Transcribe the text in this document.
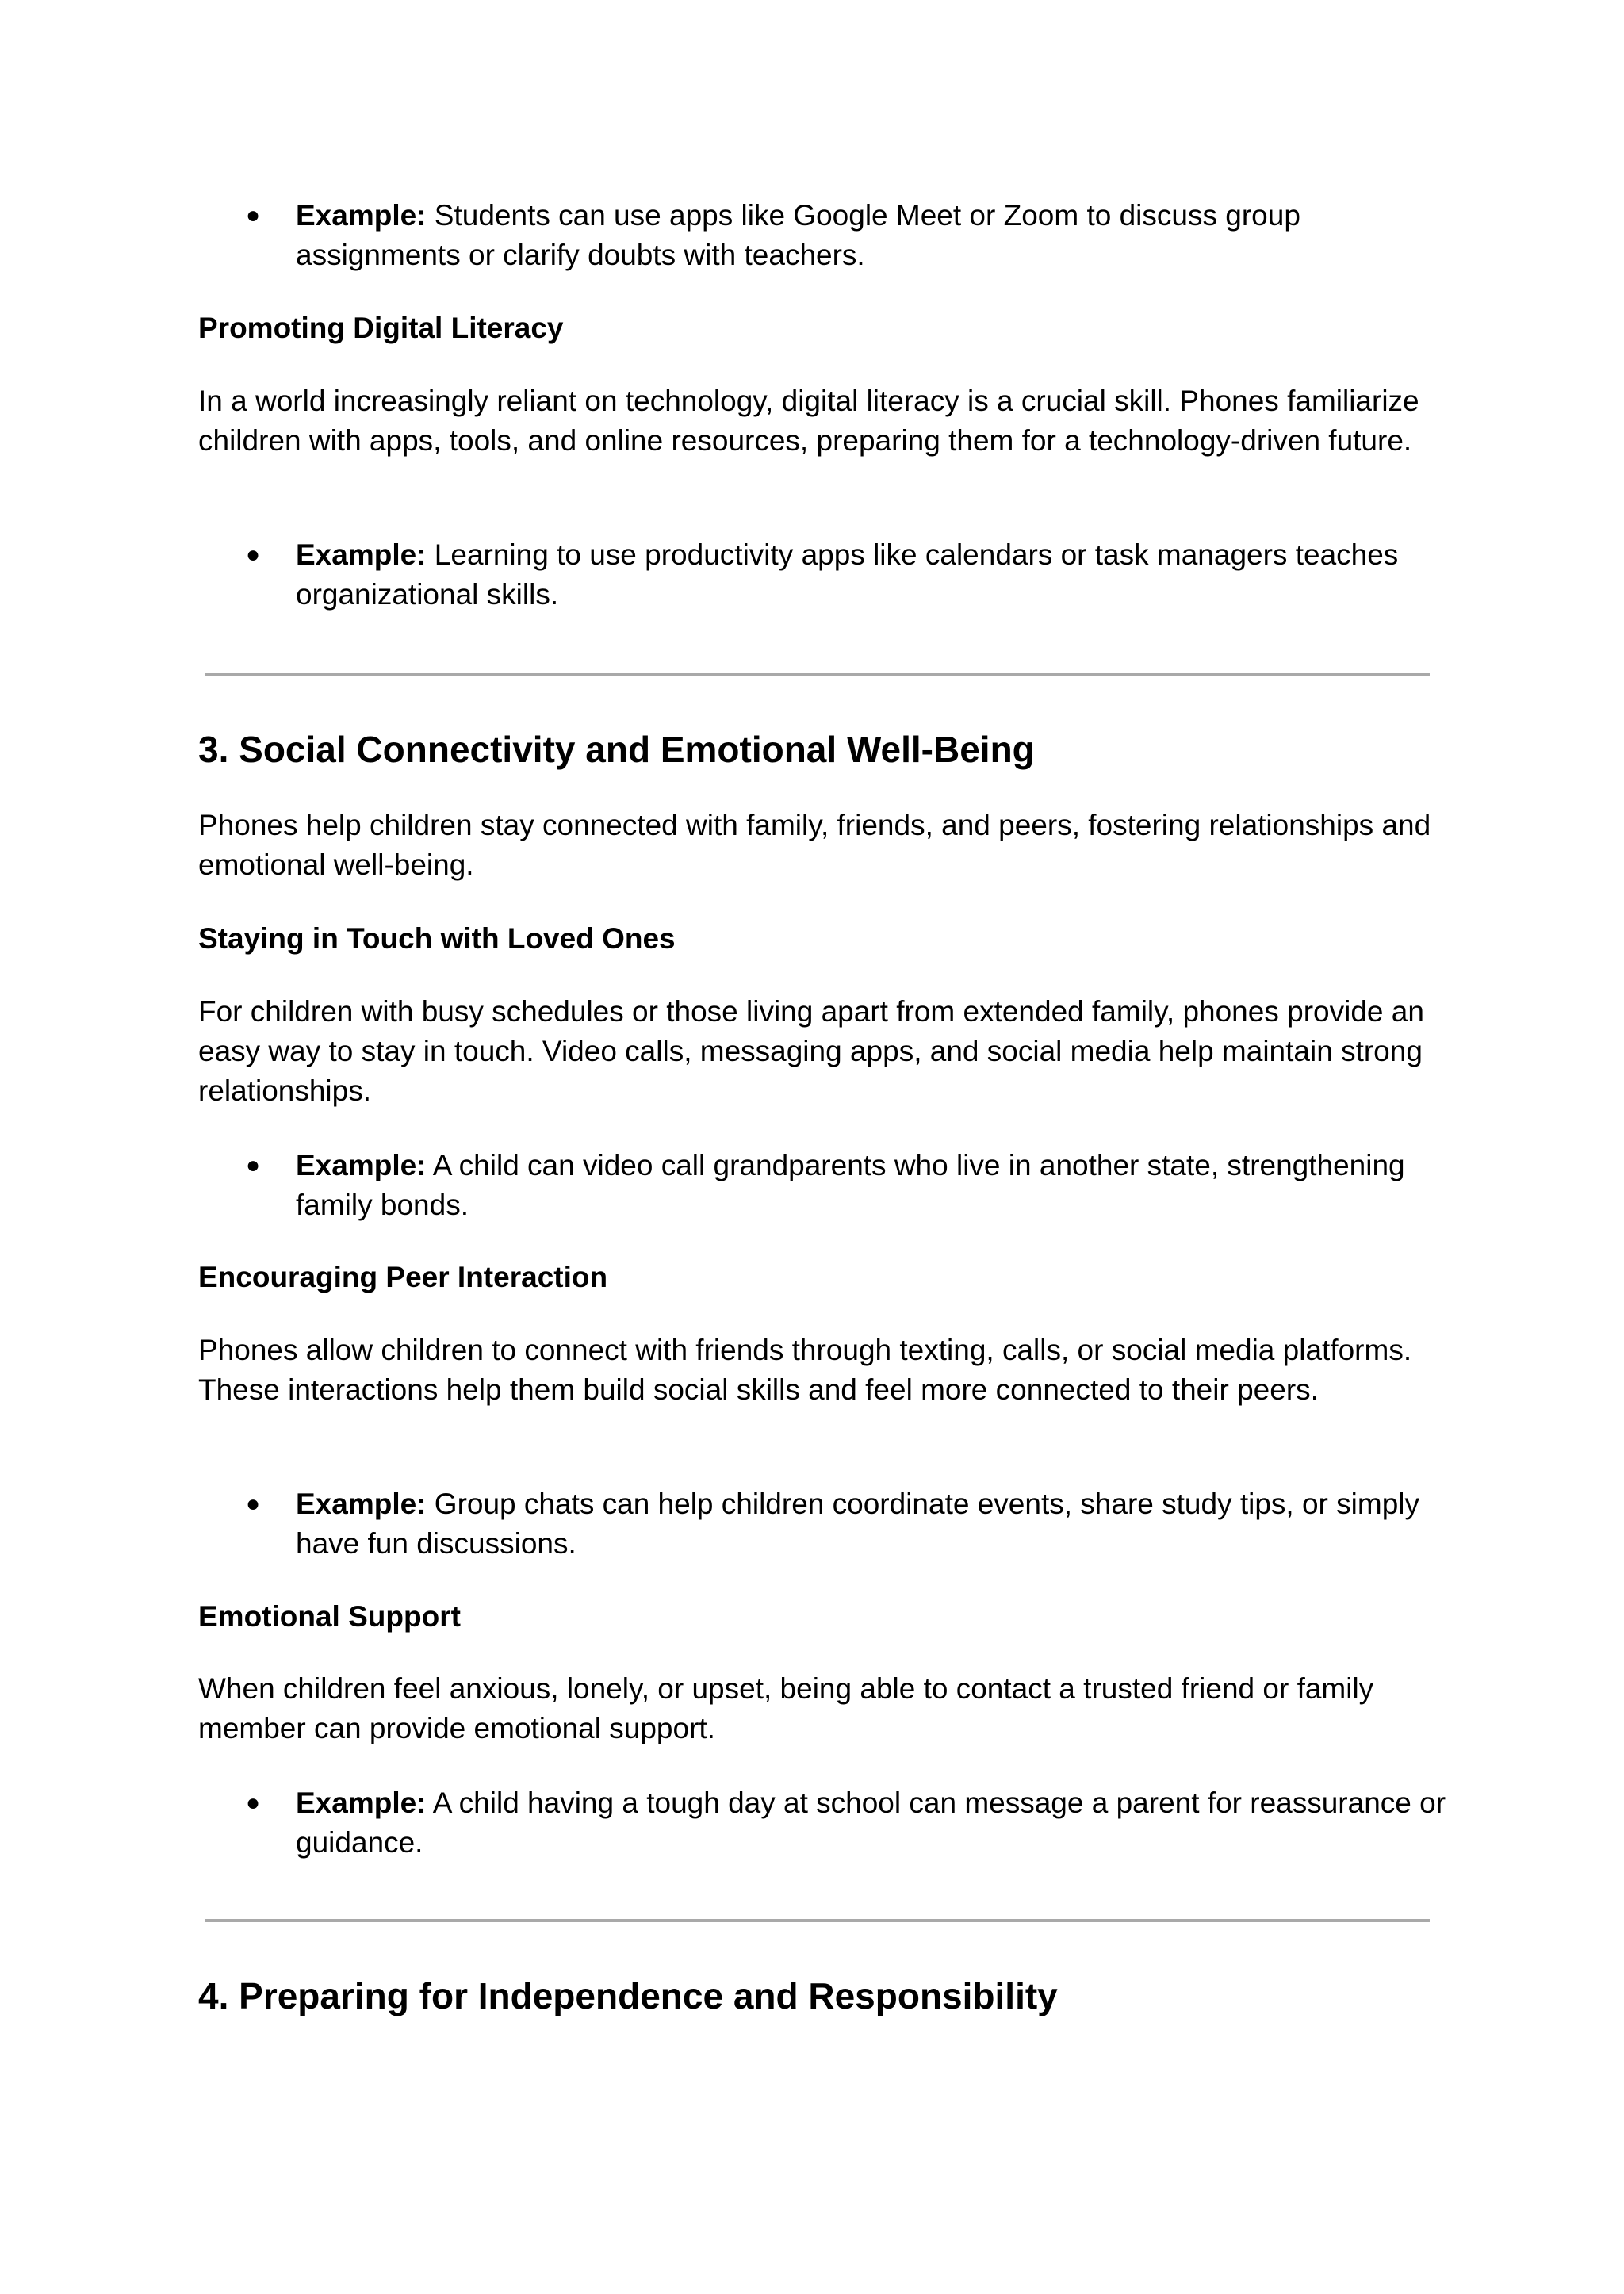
●	Example: Students can use apps like Google Meet or Zoom to discuss group assignments or clarify doubts with teachers.

Promoting Digital Literacy

In a world increasingly reliant on technology, digital literacy is a crucial skill. Phones familiarize children with apps, tools, and online resources, preparing them for a technology-driven future.

●	Example: Learning to use productivity apps like calendars or task managers teaches organizational skills.

3. Social Connectivity and Emotional Well-Being

Phones help children stay connected with family, friends, and peers, fostering relationships and emotional well-being.

Staying in Touch with Loved Ones

For children with busy schedules or those living apart from extended family, phones provide an easy way to stay in touch. Video calls, messaging apps, and social media help maintain strong relationships.

●	Example: A child can video call grandparents who live in another state, strengthening family bonds.

Encouraging Peer Interaction

Phones allow children to connect with friends through texting, calls, or social media platforms. These interactions help them build social skills and feel more connected to their peers.

●	Example: Group chats can help children coordinate events, share study tips, or simply have fun discussions.

Emotional Support

When children feel anxious, lonely, or upset, being able to contact a trusted friend or family member can provide emotional support.

●	Example: A child having a tough day at school can message a parent for reassurance or guidance.

4. Preparing for Independence and Responsibility
